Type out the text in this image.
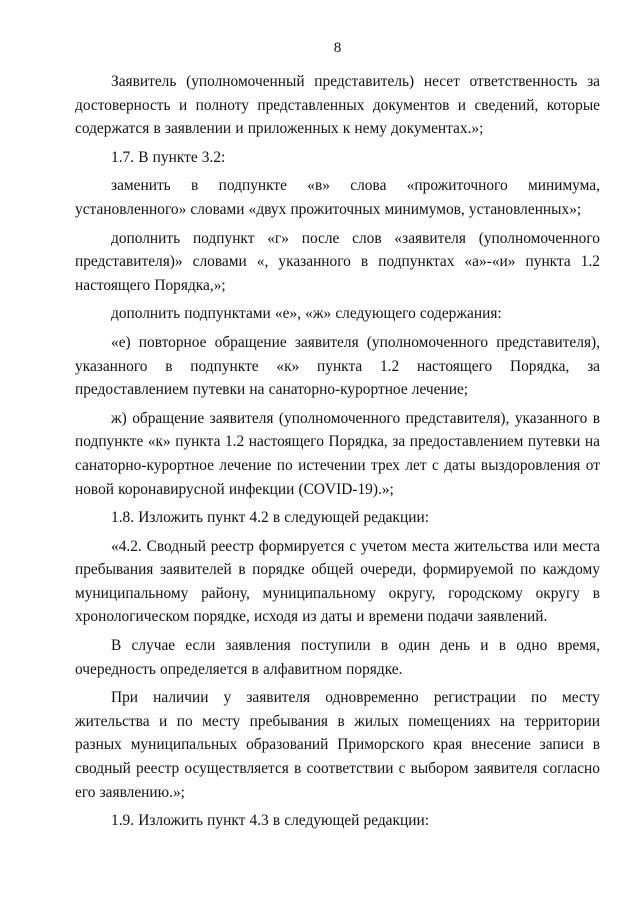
8

Заявитель (уполномоченный представитель) несет ответственность за достоверность и полноту представленных документов и сведений, которые содержатся в заявлении и приложенных к нему документах.»;

1.7. В пункте 3.2:

заменить в подпункте «в» слова «прожиточного минимума, установленного» словами «двух прожиточных минимумов, установленных»;

дополнить подпункт «г» после слов «заявителя (уполномоченного представителя)» словами «, указанного в подпунктах «а»-«и» пункта 1.2 настоящего Порядка,»;

дополнить подпунктами «е», «ж» следующего содержания:

«е) повторное обращение заявителя (уполномоченного представителя), указанного в подпункте «к» пункта 1.2 настоящего Порядка, за предоставлением путевки на санаторно-курортное лечение;

ж) обращение заявителя (уполномоченного представителя), указанного в подпункте «к» пункта 1.2 настоящего Порядка, за предоставлением путевки на санаторно-курортное лечение по истечении трех лет с даты выздоровления от новой коронавирусной инфекции (COVID-19).»;

1.8. Изложить пункт 4.2 в следующей редакции:

«4.2. Сводный реестр формируется с учетом места жительства или места пребывания заявителей в порядке общей очереди, формируемой по каждому муниципальному району, муниципальному округу, городскому округу в хронологическом порядке, исходя из даты и времени подачи заявлений.

В случае если заявления поступили в один день и в одно время, очередность определяется в алфавитном порядке.

При наличии у заявителя одновременно регистрации по месту жительства и по месту пребывания в жилых помещениях на территории разных муниципальных образований Приморского края внесение записи в сводный реестр осуществляется в соответствии с выбором заявителя согласно его заявлению.»;

1.9. Изложить пункт 4.3 в следующей редакции:
